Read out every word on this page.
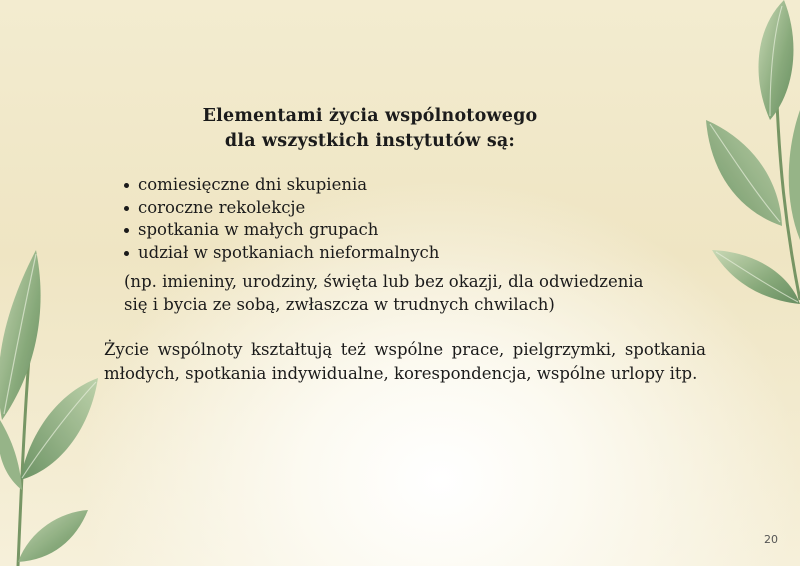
Elementami życia wspólnotowego
dla wszystkich instytutów są:
comiesięczne dni skupienia
coroczne rekolekcje
spotkania w małych grupach
udział w spotkaniach nieformalnych
(np. imieniny, urodziny, święta lub bez okazji, dla odwiedzenia
się i bycia ze sobą, zwłaszcza w trudnych chwilach)

Życie wspólnoty kształtują też wspólne prace, pielgrzymki, spotkania młodych, spotkania indywidualne, korespondencja, wspólne urlopy itp.

20
